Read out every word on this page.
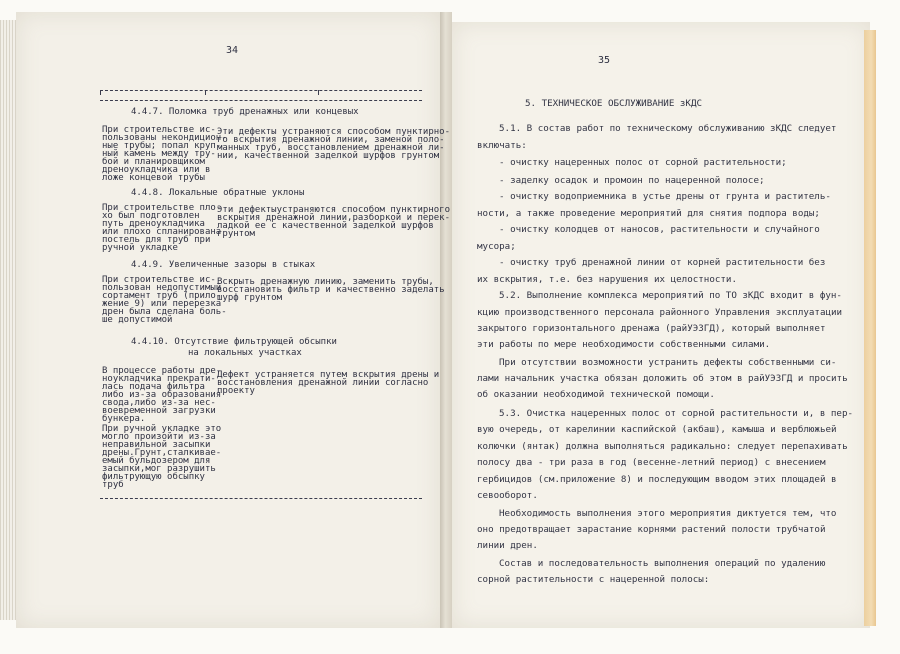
34
4.4.7. Поломка труб дренажных или концевых
При строительстве ис-
пользованы некондицион-
ные трубы; попал круп-
ный камень между тру-
бой и планировщиком
дреноукладчика или в
ложе концевой трубы
Эти дефекты устраняются способом пунктирно-
го вскрытия дренажной линии, заменой поло-
манных труб, восстановлением дренажной ли-
нии, качественной заделкой шурфов грунтом
4.4.8. Локальные обратные уклоны
При строительстве пло-
хо был подготовлен
путь дреноукладчика
или плохо спланирована
постель для труб при
ручной укладке
Эти дефектыустраняются способом пунктирного
вскрытия дренажной линии,разборкой и перек-
ладкой ее с качественной заделкой шурфов
грунтом
4.4.9. Увеличенные зазоры в стыках
При строительстве ис-
пользован недопустимый
сортамент труб (прило-
жение 9) или перерезка
дрен была сделана боль-
ше допустимой
Вскрыть дренажную линию, заменить трубы,
восстановить фильтр и качественно заделать
шурф грунтом
4.4.10. Отсутствие фильтрующей обсыпки
на локальных участках
В процессе работы дре-
ноукладчика прекрати-
лась подача фильтра
либо из-за образования
свода,либо из-за нес-
воевременной загрузки
бункера.
При ручной укладке это
могло произойти из-за
неправильной засыпки
дрены.Грунт,сталкивае-
емый бульдозером для
засыпки,мог разрушить
фильтрующую обсыпку
труб
Дефект устраняется путем вскрытия дрены и
восстановления дренажной линии согласно
проекту
35
5. ТЕХНИЧЕСКОЕ ОБСЛУЖИВАНИЕ зКДС
5.1. В состав работ по техническому обслуживанию зКДС следует
включать:
- очистку нацеренных полос от сорной растительности;
- заделку осадок и промоин по нацеренной полосе;
- очистку водоприемника в устье дрены от грунта и раститель-
ности, а также проведение мероприятий для снятия подпора воды;
- очистку колодцев от наносов, растительности и случайного
мусора;
- очистку труб дренажной линии от корней растительности без
их вскрытия, т.е. без нарушения их целостности.
5.2. Выполнение комплекса мероприятий по ТО зКДС входит в фун-
кцию производственного персонала районного Управления эксплуатации
закрытого горизонтального дренажа (райУЭЗГД), который выполняет
эти работы по мере необходимости собственными силами.
При отсутствии возможности устранить дефекты собственными си-
лами начальник участка обязан доложить об этом в райУЭЗГД и просить
об оказании необходимой технической помощи.
5.3. Очистка нацеренных полос от сорной растительности и, в пер-
вую очередь, от карелинии каспийской (акбаш), камыша и верблюжьей
колючки (янтак) должна выполняться радикально: следует перепахивать
полосу два - три раза в год (весенне-летний период) с внесением
гербицидов (см.приложение 8) и последующим вводом этих площадей в
севооборот.
Необходимость выполнения этого мероприятия диктуется тем, что
оно предотвращает зарастание корнями растений полости трубчатой
линии дрен.
Состав и последовательность выполнения операций по удалению
сорной растительности с нацеренной полосы:
